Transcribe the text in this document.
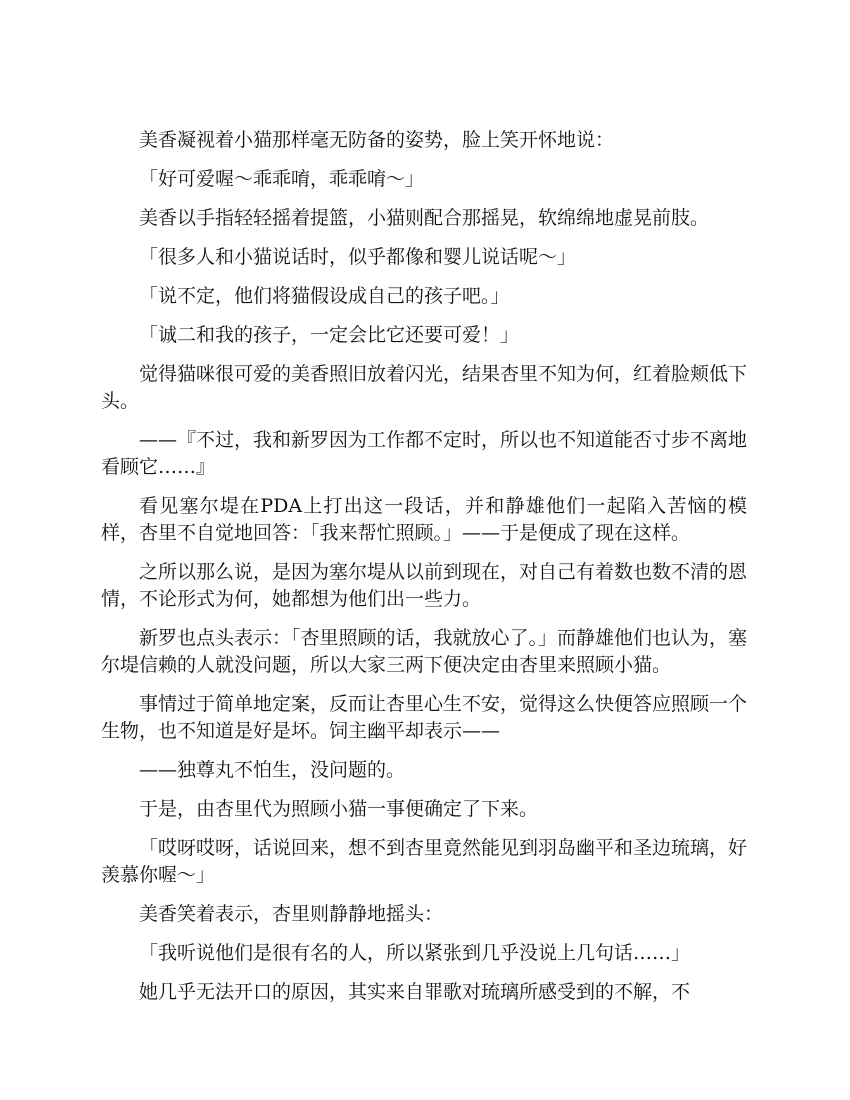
美香凝视着小猫那样毫无防备的姿势，脸上笑开怀地说：

「好可爱喔～乖乖唷，乖乖唷～」

美香以手指轻轻摇着提篮，小猫则配合那摇晃，软绵绵地虚晃前肢。

「很多人和小猫说话时，似乎都像和婴儿说话呢～」

「说不定，他们将猫假设成自己的孩子吧。」

「诚二和我的孩子，一定会比它还要可爱！」

觉得猫咪很可爱的美香照旧放着闪光，结果杏里不知为何，红着脸颊低下头。

——『不过，我和新罗因为工作都不定时，所以也不知道能否寸步不离地看顾它……』

看见塞尔堤在PDA上打出这一段话，并和静雄他们一起陷入苦恼的模样，杏里不自觉地回答：「我来帮忙照顾。」——于是便成了现在这样。

之所以那么说，是因为塞尔堤从以前到现在，对自己有着数也数不清的恩情，不论形式为何，她都想为他们出一些力。

新罗也点头表示：「杏里照顾的话，我就放心了。」而静雄他们也认为，塞尔堤信赖的人就没问题，所以大家三两下便决定由杏里来照顾小猫。

事情过于简单地定案，反而让杏里心生不安，觉得这么快便答应照顾一个生物，也不知道是好是坏。饲主幽平却表示——

——独尊丸不怕生，没问题的。

于是，由杏里代为照顾小猫一事便确定了下来。

「哎呀哎呀，话说回来，想不到杏里竟然能见到羽岛幽平和圣边琉璃，好羡慕你喔～」

美香笑着表示，杏里则静静地摇头：

「我听说他们是很有名的人，所以紧张到几乎没说上几句话……」

她几乎无法开口的原因，其实来自罪歌对琉璃所感受到的不解，不
